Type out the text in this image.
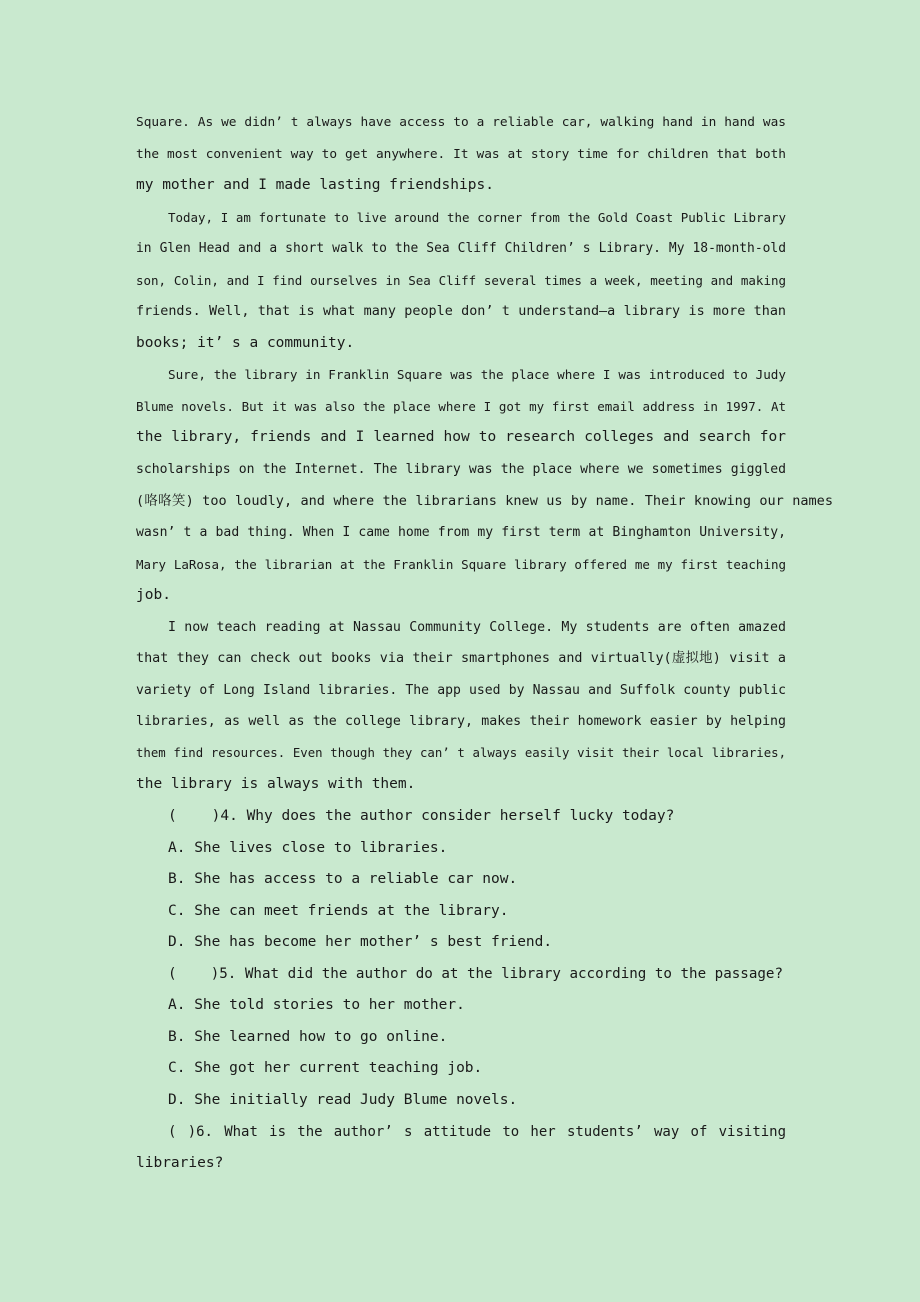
Square. As we didn’ t always have access to a reliable car, walking hand in hand was
the most convenient way to get anywhere. It was at story time for children that both
my mother and I made lasting friendships.
Today, I am fortunate to live around the corner from the Gold Coast Public Library
in Glen Head and a short walk to the Sea Cliff Children’ s Library. My 18-month-old
son, Colin, and I find ourselves in Sea Cliff several times a week, meeting and making
friends. Well, that is what many people don’ t understand—a library is more than
books; it’ s a community.
Sure, the library in Franklin Square was the place where I was introduced to Judy
Blume novels. But it was also the place where I got my first email address in 1997. At
the library, friends and I learned how to research colleges and search for
scholarships on the Internet. The library was the place where we sometimes giggled
(咯咯笑) too loudly, and where the librarians knew us by name. Their knowing our names
wasn’ t a bad thing. When I came home from my first term at Binghamton University,
Mary LaRosa, the librarian at the Franklin Square library offered me my first teaching
job.
I now teach reading at Nassau Community College. My students are often amazed
that they can check out books via their smartphones and virtually(虚拟地) visit a
variety of Long Island libraries. The app used by Nassau and Suffolk county public
libraries, as well as the college library, makes their homework easier by helping
them find resources. Even though they can’ t always easily visit their local libraries,
the library is always with them.
(    )4. Why does the author consider herself lucky today?
A. She lives close to libraries.
B. She has access to a reliable car now.
C. She can meet friends at the library.
D. She has become her mother’ s best friend.
(    )5. What did the author do at the library according to the passage?
A. She told stories to her mother.
B. She learned how to go online.
C. She got her current teaching job.
D. She initially read Judy Blume novels.
( )6. What is the author’ s attitude to her students’ way of visiting
libraries?
